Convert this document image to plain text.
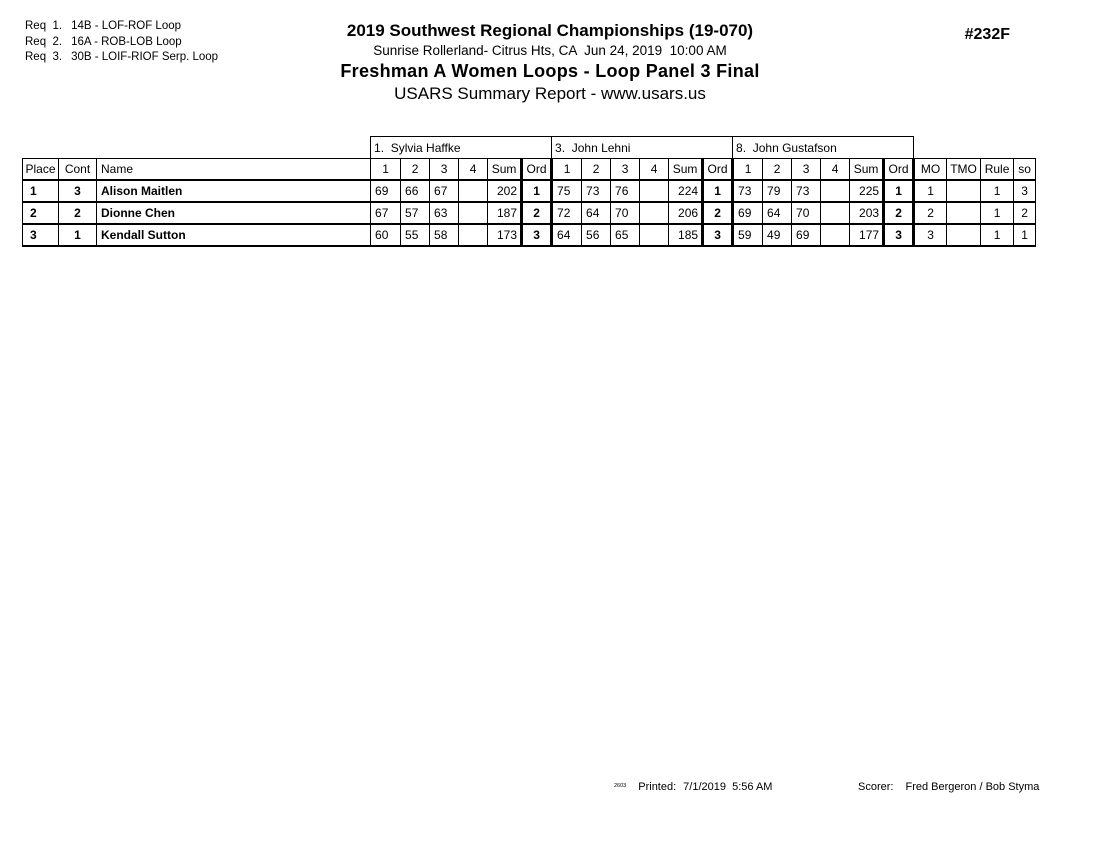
Req  1. 14B - LOF-ROF Loop
Req  2. 16A - ROB-LOB Loop
Req  3. 30B - LOIF-RIOF Serp. Loop
2019 Southwest Regional Championships (19-070)
Sunrise Rollerland- Citrus Hts, CA  Jun 24, 2019  10:00 AM
Freshman A Women Loops - Loop Panel 3 Final
USARS Summary Report - www.usars.us
#232F
			1.  Sylvia Haffke						3.  John Lehni						8.  John Gustafson									
Place	Cont	Name	1	2	3	4	Sum	Ord	1	2	3	4	Sum	Ord	1	2	3	4	Sum	Ord	MO	TMO	Rule	so
1	3	Alison Maitlen	69	66	67		202	1	75	73	76		224	1	73	79	73		225	1	1		1	3
2	2	Dionne Chen	67	57	63		187	2	72	64	70		206	2	69	64	70		203	2	2		1	2
3	1	Kendall Sutton	60	55	58		173	3	64	56	65		185	3	59	49	69		177	3	3		1	1
2603 Printed: 7/1/2019  5:56 AM	Scorer: Fred Bergeron / Bob Styma
